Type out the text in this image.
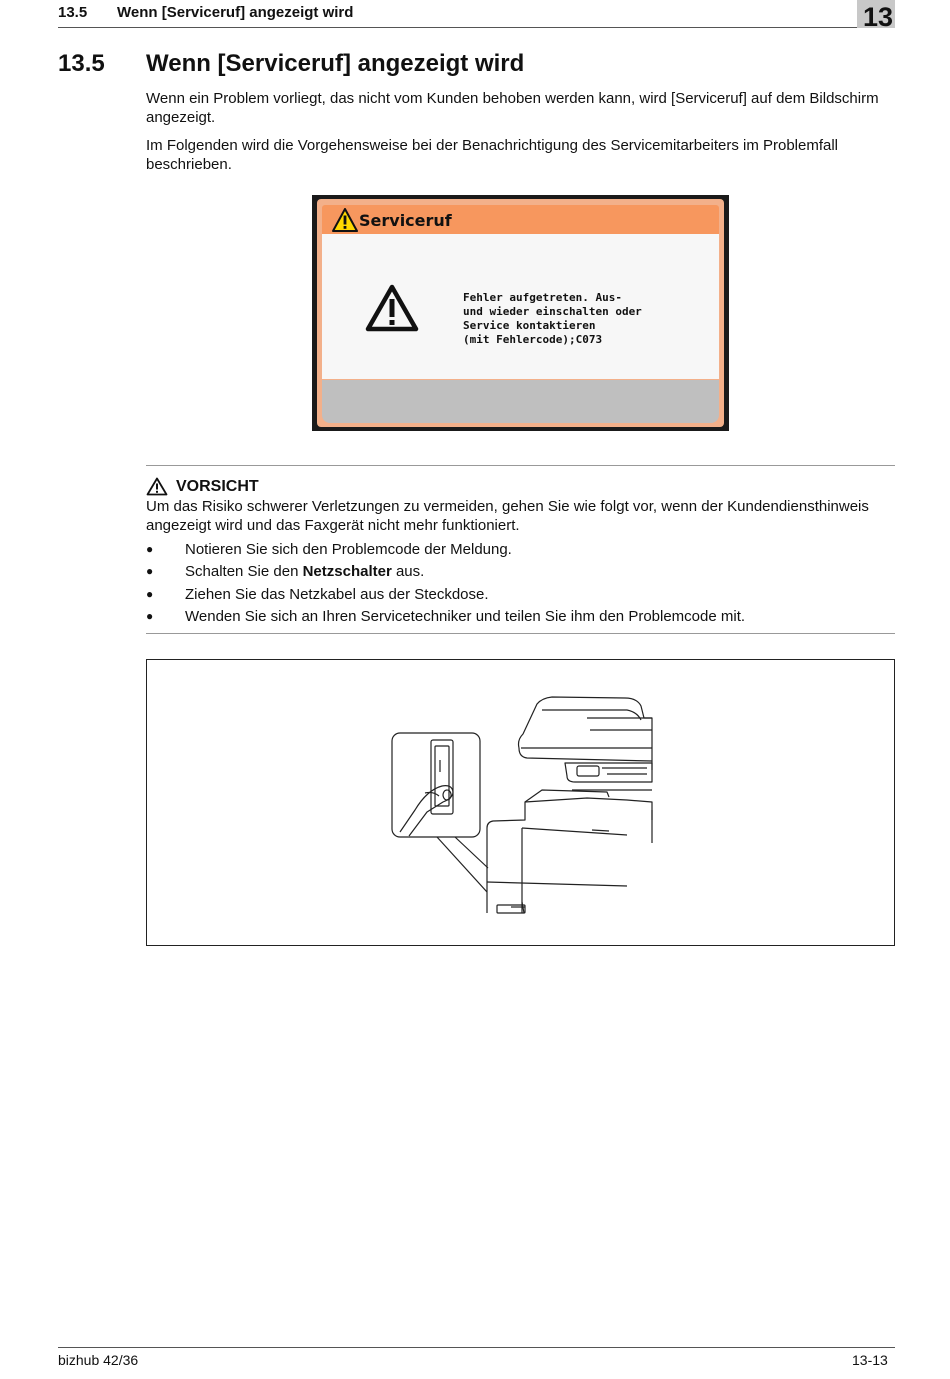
13.5 Wenn [Serviceruf] angezeigt wird	13
13.5 Wenn [Serviceruf] angezeigt wird
Wenn ein Problem vorliegt, das nicht vom Kunden behoben werden kann, wird [Serviceruf] auf dem Bildschirm angezeigt.
Im Folgenden wird die Vorgehensweise bei der Benachrichtigung des Servicemitarbeiters im Problemfall beschrieben.
Serviceruf
Fehler aufgetreten. Aus-
und wieder einschalten oder
Service kontaktieren
(mit Fehlercode);C073
VORSICHT
Um das Risiko schwerer Verletzungen zu vermeiden, gehen Sie wie folgt vor, wenn der Kundendiensthinweis angezeigt wird und das Faxgerät nicht mehr funktioniert.
● Notieren Sie sich den Problemcode der Meldung.
● Schalten Sie den Netzschalter aus.
● Ziehen Sie das Netzkabel aus der Steckdose.
● Wenden Sie sich an Ihren Servicetechniker und teilen Sie ihm den Problemcode mit.
bizhub 42/36	13-13
